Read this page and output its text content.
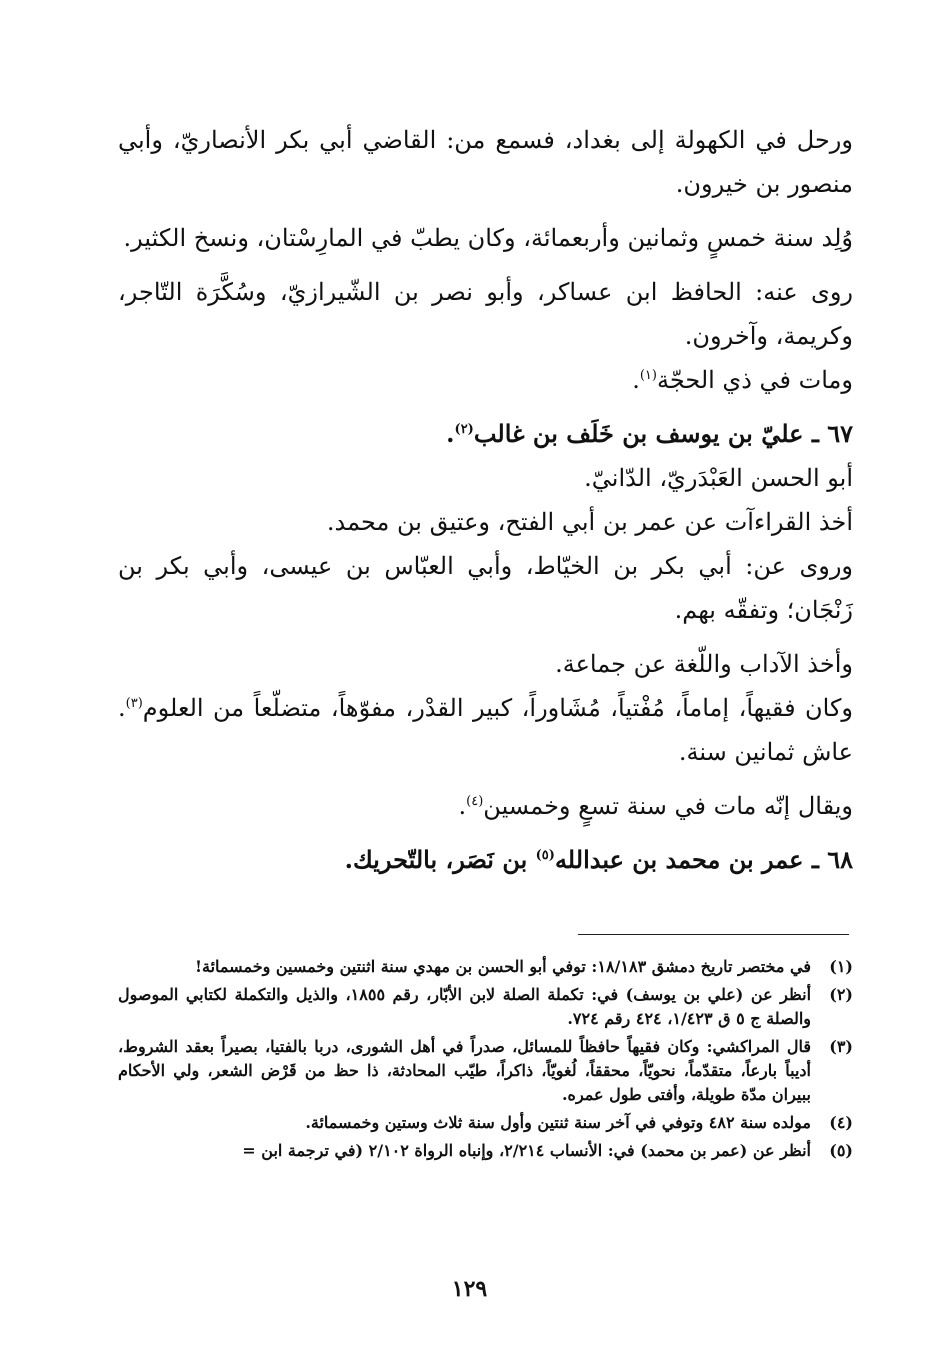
ورحل في الكهولة إلى بغداد، فسمع من: القاضي أبي بكر الأنصاريّ، وأبي منصور بن خيرون.

وُلِد سنة خمسٍ وثمانين وأربعمائة، وكان يطبّ في المارِسْتان، ونسخ الكثير.

روى عنه: الحافظ ابن عساكر، وأبو نصر بن الشّيرازيّ، وسُكَّرَة التّاجر، وكريمة، وآخرون.

ومات في ذي الحجّة$^{(١)}$.

٦٧ ـ عليّ بن يوسف بن خَلَف بن غالب$^{(٢)}$.

أبو الحسن العَبْدَريّ، الدّانيّ.

أخذ القراءآت عن عمر بن أبي الفتح، وعتيق بن محمد.

وروى عن: أبي بكر بن الخيّاط، وأبي العبّاس بن عيسى، وأبي بكر بن زَنْجَان؛ وتفقّه بهم.

وأخذ الآداب واللّغة عن جماعة.

وكان فقيهاً، إماماً، مُفْتياً، مُشَاوراً، كبير القدْر، مفوّهاً، متضلّعاً من العلوم$^{(٣)}$. عاش ثمانين سنة.

ويقال إنّه مات في سنة تسعٍ وخمسين$^{(٤)}$.

٦٨ ـ عمر بن محمد بن عبدالله$^{(٥)}$ بن نَصَر، بالتّحريك.

(١)
في مختصر تاريخ دمشق ١٨/١٨٣: توفي أبو الحسن بن مهدي سنة اثنتين وخمسين وخمسمائة!
(٢)
أنظر عن (علي بن يوسف) في: تكملة الصلة لابن الأبّار، رقم ١٨٥٥، والذيل والتكملة لكتابي الموصول والصلة ج ٥ ق ١/٤٢٣، ٤٢٤ رقم ٧٢٤.
(٣)
قال المراكشي: وكان فقيهاً حافظاً للمسائل، صدراً في أهل الشورى، دربا بالفتيا، بصيراً بعقد الشروط، أديباً بارعاً، متقدّماً، نحويّاً، محققاً، لُغويّاً، ذاكراً، طيّب المحادثة، ذا حظ من قَرْض الشعر، ولي الأحكام ببيران مدّة طويلة، وأفتى طول عمره.
(٤)
مولده سنة ٤٨٢ وتوفي في آخر سنة ثنتين وأول سنة ثلاث وستين وخمسمائة.
(٥)
أنظر عن (عمر بن محمد) في: الأنساب ٢/٢١٤، وإنباه الرواة ٢/١٠٢ (في ترجمة ابن =
١٢٩
